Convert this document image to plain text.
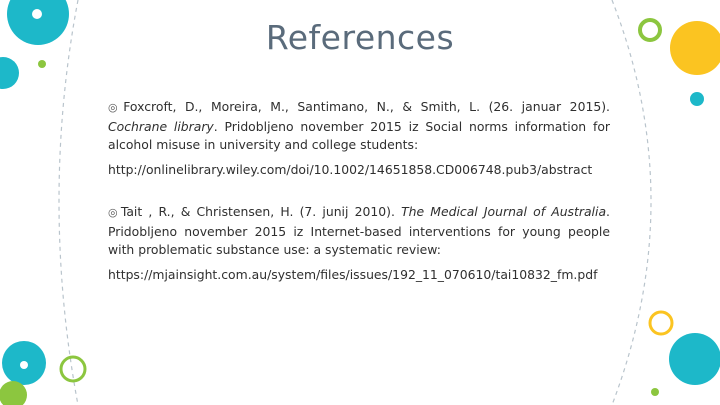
References

◎Foxcroft, D., Moreira, M., Santimano, N., & Smith, L. (26. januar 2015). Cochrane library. Pridobljeno november 2015 iz Social norms information for alcohol misuse in university and college students:

http://onlinelibrary.wiley.com/doi/10.1002/14651858.CD006748.pub3/abstract

◎Tait , R., & Christensen, H. (7. junij 2010). The Medical Journal of Australia. Pridobljeno november 2015 iz Internet-based interventions for young people with problematic substance use: a systematic review:

https://mjainsight.com.au/system/files/issues/192_11_070610/tai10832_fm.pdf
